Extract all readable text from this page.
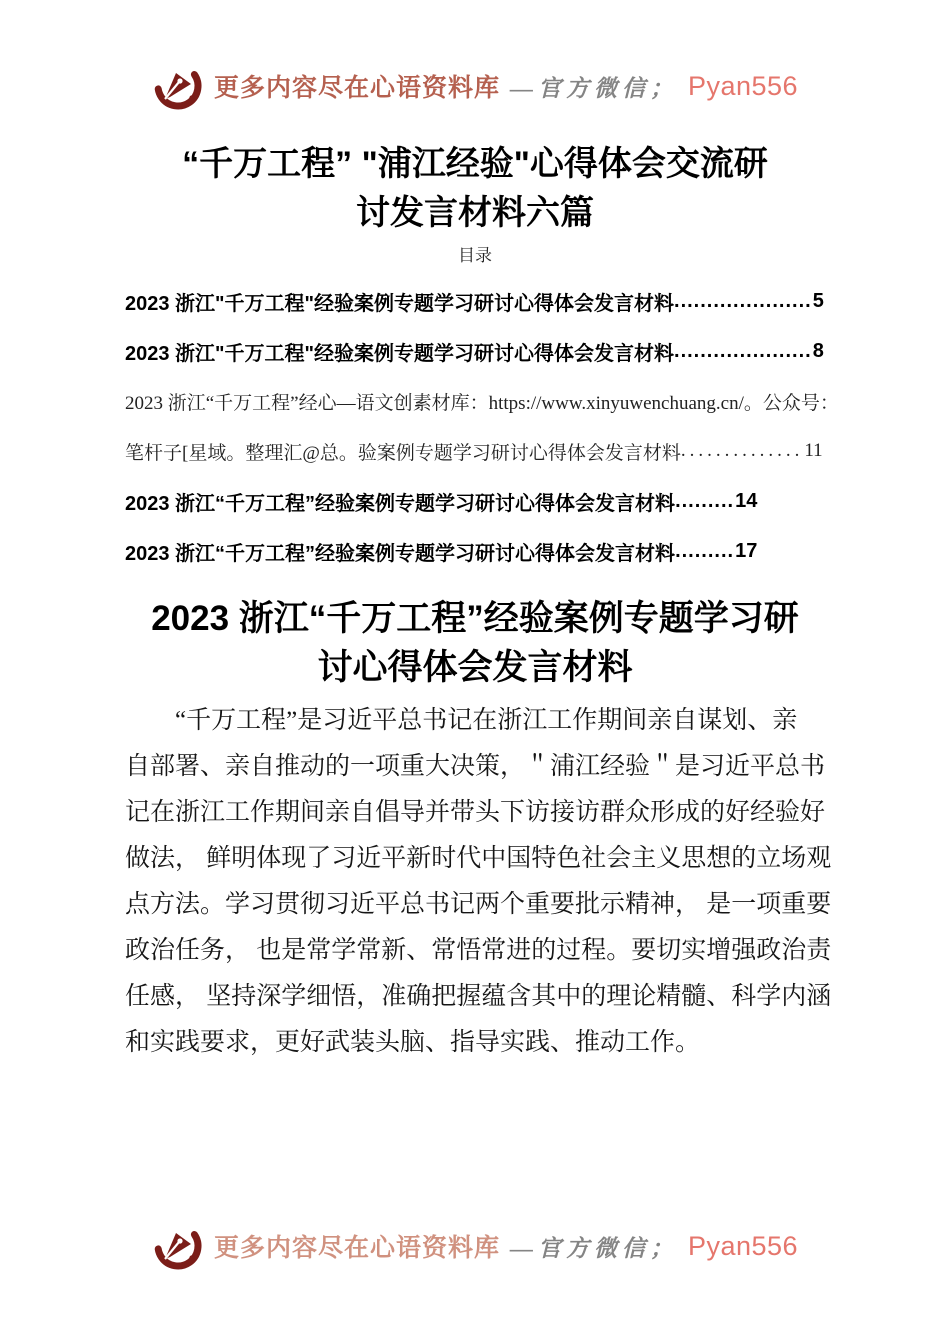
更多内容尽在心语资料库 —官方微信； Pyan556
“千万工程” "浦江经验"心得体会交流研
讨发言材料六篇
目录
2023 浙江"千万工程"经验案例专题学习研讨心得体会发言材料 ..................... 5
2023 浙江"千万工程"经验案例专题学习研讨心得体会发言材料 ..................... 8
2023 浙江“千万工程”经心—语文创素材库：https://www.xinyuwenchuang.cn/。公众号：
笔杆子[星域。整理汇@总。验案例专题学习研讨心得体会发言材料 .............. 11
2023 浙江“千万工程”经验案例专题学习研讨心得体会发言材料 ......... 14
2023 浙江“千万工程”经验案例专题学习研讨心得体会发言材料 ......... 17
2023 浙江“千万工程”经验案例专题学习研
讨心得体会发言材料
“千万工程”是习近平总书记在浙江工作期间亲自谋划、亲
自部署、亲自推动的一项重大决策，＂浦江经验＂是习近平总书
记在浙江工作期间亲自倡导并带头下访接访群众形成的好经验好
做法， 鲜明体现了习近平新时代中国特色社会主义思想的立场观
点方法。学习贯彻习近平总书记两个重要批示精神， 是一项重要
政治任务， 也是常学常新、常悟常进的过程。要切实增强政治责
任感， 坚持深学细悟，准确把握蕴含其中的理论精髓、科学内涵
和实践要求，更好武装头脑、指导实践、推动工作。
更多内容尽在心语资料库 —官方微信； Pyan556
